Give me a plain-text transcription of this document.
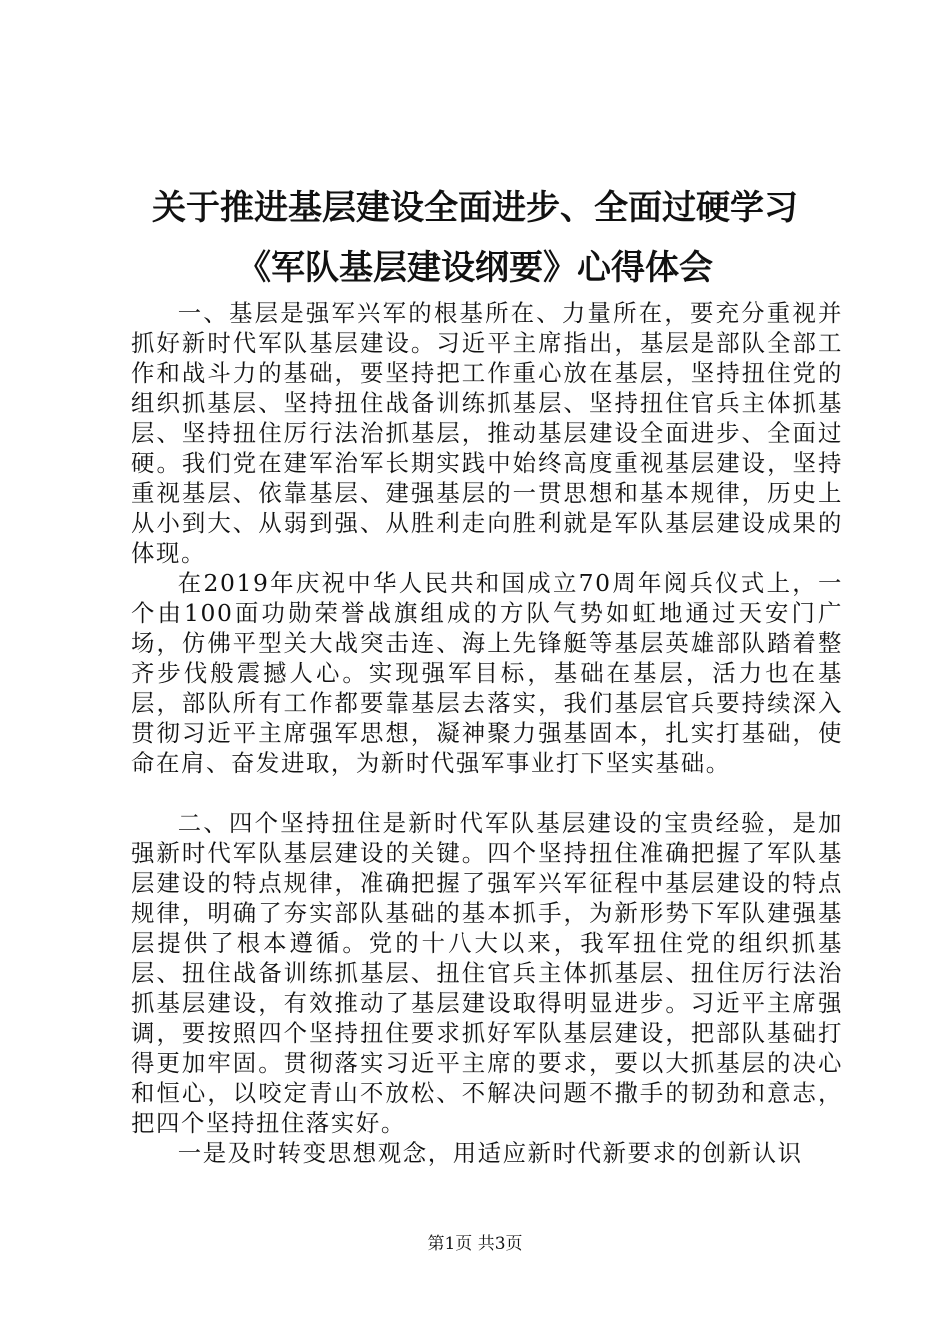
关于推进基层建设全面进步、全面过硬学习
《军队基层建设纲要》心得体会

一、基层是强军兴军的根基所在、力量所在，要充分重视并抓好新时代军队基层建设。习近平主席指出，基层是部队全部工作和战斗力的基础，要坚持把工作重心放在基层，坚持扭住党的组织抓基层、坚持扭住战备训练抓基层、坚持扭住官兵主体抓基层、坚持扭住厉行法治抓基层，推动基层建设全面进步、全面过硬。我们党在建军治军长期实践中始终高度重视基层建设，坚持重视基层、依靠基层、建强基层的一贯思想和基本规律，历史上从小到大、从弱到强、从胜利走向胜利就是军队基层建设成果的体现。

在2019年庆祝中华人民共和国成立70周年阅兵仪式上，一个由100面功勋荣誉战旗组成的方队气势如虹地通过天安门广场，仿佛平型关大战突击连、海上先锋艇等基层英雄部队踏着整齐步伐般震撼人心。实现强军目标，基础在基层，活力也在基层，部队所有工作都要靠基层去落实，我们基层官兵要持续深入贯彻习近平主席强军思想，凝神聚力强基固本，扎实打基础，使命在肩、奋发进取，为新时代强军事业打下坚实基础。

二、四个坚持扭住是新时代军队基层建设的宝贵经验，是加强新时代军队基层建设的关键。四个坚持扭住准确把握了军队基层建设的特点规律，准确把握了强军兴军征程中基层建设的特点规律，明确了夯实部队基础的基本抓手，为新形势下军队建强基层提供了根本遵循。党的十八大以来，我军扭住党的组织抓基层、扭住战备训练抓基层、扭住官兵主体抓基层、扭住厉行法治抓基层建设，有效推动了基层建设取得明显进步。习近平主席强调，要按照四个坚持扭住要求抓好军队基层建设，把部队基础打得更加牢固。贯彻落实习近平主席的要求，要以大抓基层的决心和恒心，以咬定青山不放松、不解决问题不撒手的韧劲和意志，把四个坚持扭住落实好。

一是及时转变思想观念，用适应新时代新要求的创新认识

第1页 共3页
